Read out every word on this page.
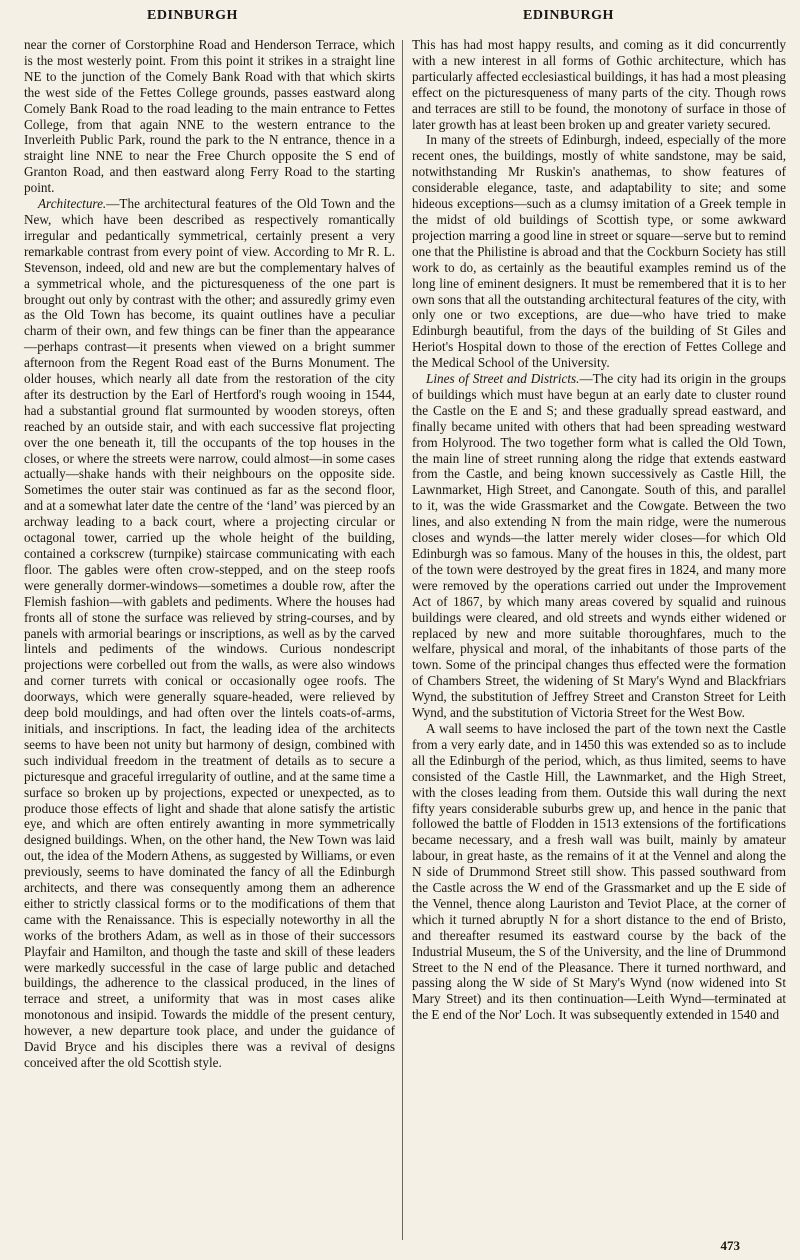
EDINBURGH	EDINBURGH

near the corner of Corstorphine Road and Henderson Terrace, which is the most westerly point. From this point it strikes in a straight line NE to the junction of the Comely Bank Road with that which skirts the west side of the Fettes College grounds, passes eastward along Comely Bank Road to the road leading to the main entrance to Fettes College, from that again NNE to the western entrance to the Inverleith Public Park, round the park to the N entrance, thence in a straight line NNE to near the Free Church opposite the S end of Granton Road, and then eastward along Ferry Road to the starting point.

Architecture.—The architectural features of the Old Town and the New, which have been described as respectively romantically irregular and pedantically symmetrical, certainly present a very remarkable contrast from every point of view. According to Mr R. L. Stevenson, indeed, old and new are but the complementary halves of a symmetrical whole, and the picturesqueness of the one part is brought out only by contrast with the other; and assuredly grimy even as the Old Town has become, its quaint outlines have a peculiar charm of their own, and few things can be finer than the appearance—perhaps contrast—it presents when viewed on a bright summer afternoon from the Regent Road east of the Burns Monument. The older houses, which nearly all date from the restoration of the city after its destruction by the Earl of Hertford's rough wooing in 1544, had a substantial ground flat surmounted by wooden storeys, often reached by an outside stair, and with each successive flat projecting over the one beneath it, till the occupants of the top houses in the closes, or where the streets were narrow, could almost—in some cases actually—shake hands with their neighbours on the opposite side. Sometimes the outer stair was continued as far as the second floor, and at a somewhat later date the centre of the ‘land’ was pierced by an archway leading to a back court, where a projecting circular or octagonal tower, carried up the whole height of the building, contained a corkscrew (turnpike) staircase communicating with each floor. The gables were often crow-stepped, and on the steep roofs were generally dormer-windows—sometimes a double row, after the Flemish fashion—with gablets and pediments. Where the houses had fronts all of stone the surface was relieved by string-courses, and by panels with armorial bearings or inscriptions, as well as by the carved lintels and pediments of the windows. Curious nondescript projections were corbelled out from the walls, as were also windows and corner turrets with conical or occasionally ogee roofs. The doorways, which were generally square-headed, were relieved by deep bold mouldings, and had often over the lintels coats-of-arms, initials, and inscriptions. In fact, the leading idea of the architects seems to have been not unity but harmony of design, combined with such individual freedom in the treatment of details as to secure a picturesque and graceful irregularity of outline, and at the same time a surface so broken up by projections, expected or unexpected, as to produce those effects of light and shade that alone satisfy the artistic eye, and which are often entirely awanting in more symmetrically designed buildings. When, on the other hand, the New Town was laid out, the idea of the Modern Athens, as suggested by Williams, or even previously, seems to have dominated the fancy of all the Edinburgh architects, and there was consequently among them an adherence either to strictly classical forms or to the modifications of them that came with the Renaissance. This is especially noteworthy in all the works of the brothers Adam, as well as in those of their successors Playfair and Hamilton, and though the taste and skill of these leaders were markedly successful in the case of large public and detached buildings, the adherence to the classical produced, in the lines of terrace and street, a uniformity that was in most cases alike monotonous and insipid. Towards the middle of the present century, however, a new departure took place, and under the guidance of David Bryce and his disciples there was a revival of designs conceived after the old Scottish style.

This has had most happy results, and coming as it did concurrently with a new interest in all forms of Gothic architecture, which has particularly affected ecclesiastical buildings, it has had a most pleasing effect on the picturesqueness of many parts of the city. Though rows and terraces are still to be found, the monotony of surface in those of later growth has at least been broken up and greater variety secured.

In many of the streets of Edinburgh, indeed, especially of the more recent ones, the buildings, mostly of white sandstone, may be said, notwithstanding Mr Ruskin's anathemas, to show features of considerable elegance, taste, and adaptability to site; and some hideous exceptions—such as a clumsy imitation of a Greek temple in the midst of old buildings of Scottish type, or some awkward projection marring a good line in street or square—serve but to remind one that the Philistine is abroad and that the Cockburn Society has still work to do, as certainly as the beautiful examples remind us of the long line of eminent designers. It must be remembered that it is to her own sons that all the outstanding architectural features of the city, with only one or two exceptions, are due—who have tried to make Edinburgh beautiful, from the days of the building of St Giles and Heriot's Hospital down to those of the erection of Fettes College and the Medical School of the University.

Lines of Street and Districts.—The city had its origin in the groups of buildings which must have begun at an early date to cluster round the Castle on the E and S; and these gradually spread eastward, and finally became united with others that had been spreading westward from Holyrood. The two together form what is called the Old Town, the main line of street running along the ridge that extends eastward from the Castle, and being known successively as Castle Hill, the Lawnmarket, High Street, and Canongate. South of this, and parallel to it, was the wide Grassmarket and the Cowgate. Between the two lines, and also extending N from the main ridge, were the numerous closes and wynds—the latter merely wider closes—for which Old Edinburgh was so famous. Many of the houses in this, the oldest, part of the town were destroyed by the great fires in 1824, and many more were removed by the operations carried out under the Improvement Act of 1867, by which many areas covered by squalid and ruinous buildings were cleared, and old streets and wynds either widened or replaced by new and more suitable thoroughfares, much to the welfare, physical and moral, of the inhabitants of those parts of the town. Some of the principal changes thus effected were the formation of Chambers Street, the widening of St Mary's Wynd and Blackfriars Wynd, the substitution of Jeffrey Street and Cranston Street for Leith Wynd, and the substitution of Victoria Street for the West Bow.

A wall seems to have inclosed the part of the town next the Castle from a very early date, and in 1450 this was extended so as to include all the Edinburgh of the period, which, as thus limited, seems to have consisted of the Castle Hill, the Lawnmarket, and the High Street, with the closes leading from them. Outside this wall during the next fifty years considerable suburbs grew up, and hence in the panic that followed the battle of Flodden in 1513 extensions of the fortifications became necessary, and a fresh wall was built, mainly by amateur labour, in great haste, as the remains of it at the Vennel and along the N side of Drummond Street still show. This passed southward from the Castle across the W end of the Grassmarket and up the E side of the Vennel, thence along Lauriston and Teviot Place, at the corner of which it turned abruptly N for a short distance to the end of Bristo, and thereafter resumed its eastward course by the back of the Industrial Museum, the S of the University, and the line of Drummond Street to the N end of the Pleasance. There it turned northward, and passing along the W side of St Mary's Wynd (now widened into St Mary Street) and its then continuation—Leith Wynd—terminated at the E end of the Nor' Loch. It was subsequently extended in 1540 and

473
